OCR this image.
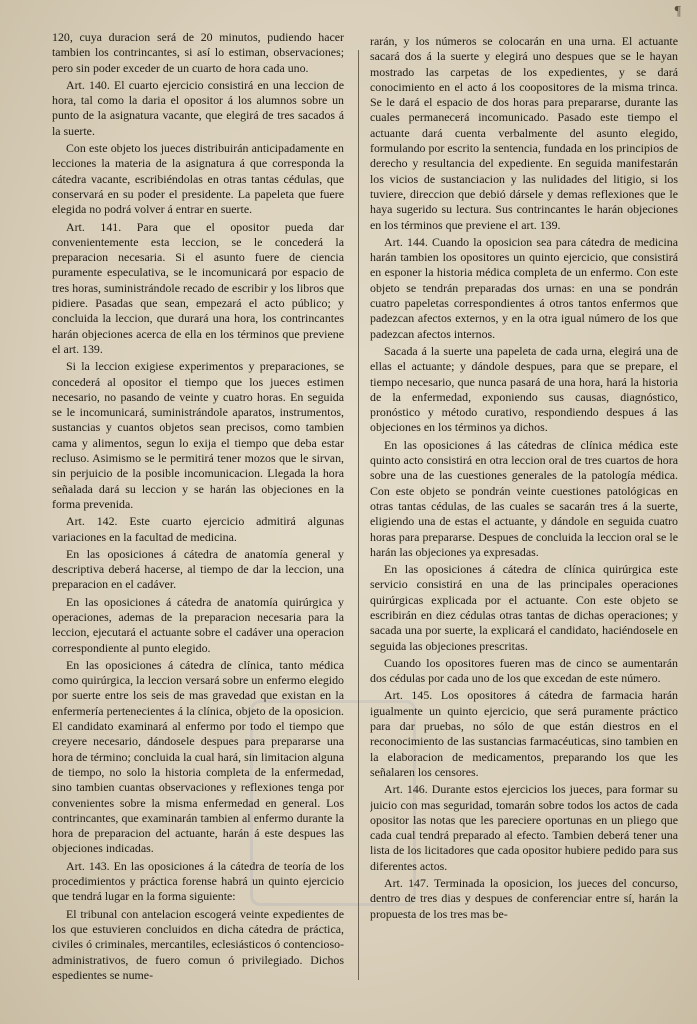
¶

120, cuya duracion será de 20 minutos, pudiendo hacer tambien los contrincantes, si así lo estiman, observaciones; pero sin poder exceder de un cuarto de hora cada uno.

Art. 140. El cuarto ejercicio consistirá en una leccion de hora, tal como la daria el opositor á los alumnos sobre un punto de la asignatura vacante, que elegirá de tres sacados á la suerte.

Con este objeto los jueces distribuirán anticipadamente en lecciones la materia de la asignatura á que corresponda la cátedra vacante, escribiéndolas en otras tantas cédulas, que conservará en su poder el presidente. La papeleta que fuere elegida no podrá volver á entrar en suerte.

Art. 141. Para que el opositor pueda dar convenientemente esta leccion, se le concederá la preparacion necesaria. Si el asunto fuere de ciencia puramente especulativa, se le incomunicará por espacio de tres horas, suministrándole recado de escribir y los libros que pidiere. Pasadas que sean, empezará el acto público; y concluida la leccion, que durará una hora, los contrincantes harán objeciones acerca de ella en los términos que previene el art. 139.

Si la leccion exigiese experimentos y preparaciones, se concederá al opositor el tiempo que los jueces estimen necesario, no pasando de veinte y cuatro horas. En seguida se le incomunicará, suministrándole aparatos, instrumentos, sustancias y cuantos objetos sean precisos, como tambien cama y alimentos, segun lo exija el tiempo que deba estar recluso. Asimismo se le permitirá tener mozos que le sirvan, sin perjuicio de la posible incomunicacion. Llegada la hora señalada dará su leccion y se harán las objeciones en la forma prevenida.

Art. 142. Este cuarto ejercicio admitirá algunas variaciones en la facultad de medicina.

En las oposiciones á cátedra de anatomía general y descriptiva deberá hacerse, al tiempo de dar la leccion, una preparacion en el cadáver.

En las oposiciones á cátedra de anatomía quirúrgica y operaciones, ademas de la preparacion necesaria para la leccion, ejecutará el actuante sobre el cadáver una operacion correspondiente al punto elegido.

En las oposiciones á cátedra de clínica, tanto médica como quirúrgica, la leccion versará sobre un enfermo elegido por suerte entre los seis de mas gravedad que existan en la enfermería pertenecientes á la clínica, objeto de la oposicion. El candidato examinará al enfermo por todo el tiempo que creyere necesario, dándosele despues para prepararse una hora de término; concluida la cual hará, sin limitacion alguna de tiempo, no solo la historia completa de la enfermedad, sino tambien cuantas observaciones y reflexiones tenga por convenientes sobre la misma enfermedad en general. Los contrincantes, que examinarán tambien al enfermo durante la hora de preparacion del actuante, harán á este despues las objeciones indicadas.

Art. 143. En las oposiciones á la cátedra de teoría de los procedimientos y práctica forense habrá un quinto ejercicio que tendrá lugar en la forma siguiente:

El tribunal con antelacion escogerá veinte expedientes de los que estuvieren concluidos en dicha cátedra de práctica, civiles ó criminales, mercantiles, eclesiásticos ó contencioso-administrativos, de fuero comun ó privilegiado. Dichos espedientes se nume-

rarán, y los números se colocarán en una urna. El actuante sacará dos á la suerte y elegirá uno despues que se le hayan mostrado las carpetas de los expedientes, y se dará conocimiento en el acto á los coopositores de la misma trinca. Se le dará el espacio de dos horas para prepararse, durante las cuales permanecerá incomunicado. Pasado este tiempo el actuante dará cuenta verbalmente del asunto elegido, formulando por escrito la sentencia, fundada en los principios de derecho y resultancia del expediente. En seguida manifestarán los vicios de sustanciacion y las nulidades del litigio, si los tuviere, direccion que debió dársele y demas reflexiones que le haya sugerido su lectura. Sus contrincantes le harán objeciones en los términos que previene el art. 139.

Art. 144. Cuando la oposicion sea para cátedra de medicina harán tambien los opositores un quinto ejercicio, que consistirá en esponer la historia médica completa de un enfermo. Con este objeto se tendrán preparadas dos urnas: en una se pondrán cuatro papeletas correspondientes á otros tantos enfermos que padezcan afectos externos, y en la otra igual número de los que padezcan afectos internos.

Sacada á la suerte una papeleta de cada urna, elegirá una de ellas el actuante; y dándole despues, para que se prepare, el tiempo necesario, que nunca pasará de una hora, hará la historia de la enfermedad, exponiendo sus causas, diagnóstico, pronóstico y método curativo, respondiendo despues á las objeciones en los términos ya dichos.

En las oposiciones á las cátedras de clínica médica este quinto acto consistirá en otra leccion oral de tres cuartos de hora sobre una de las cuestiones generales de la patología médica. Con este objeto se pondrán veinte cuestiones patológicas en otras tantas cédulas, de las cuales se sacarán tres á la suerte, eligiendo una de estas el actuante, y dándole en seguida cuatro horas para prepararse. Despues de concluida la leccion oral se le harán las objeciones ya expresadas.

En las oposiciones á cátedra de clínica quirúrgica este servicio consistirá en una de las principales operaciones quirúrgicas explicada por el actuante. Con este objeto se escribirán en diez cédulas otras tantas de dichas operaciones; y sacada una por suerte, la explicará el candidato, haciéndosele en seguida las objeciones prescritas.

Cuando los opositores fueren mas de cinco se aumentarán dos cédulas por cada uno de los que excedan de este número.

Art. 145. Los opositores á cátedra de farmacia harán igualmente un quinto ejercicio, que será puramente práctico para dar pruebas, no sólo de que están diestros en el reconocimiento de las sustancias farmacéuticas, sino tambien en la elaboracion de medicamentos, preparando los que les señalaren los censores.

Art. 146. Durante estos ejercicios los jueces, para formar su juicio con mas seguridad, tomarán sobre todos los actos de cada opositor las notas que les pareciere oportunas en un pliego que cada cual tendrá preparado al efecto. Tambien deberá tener una lista de los licitadores que cada opositor hubiere pedido para sus diferentes actos.

Art. 147. Terminada la oposicion, los jueces del concurso, dentro de tres dias y despues de conferenciar entre sí, harán la propuesta de los tres mas be-
